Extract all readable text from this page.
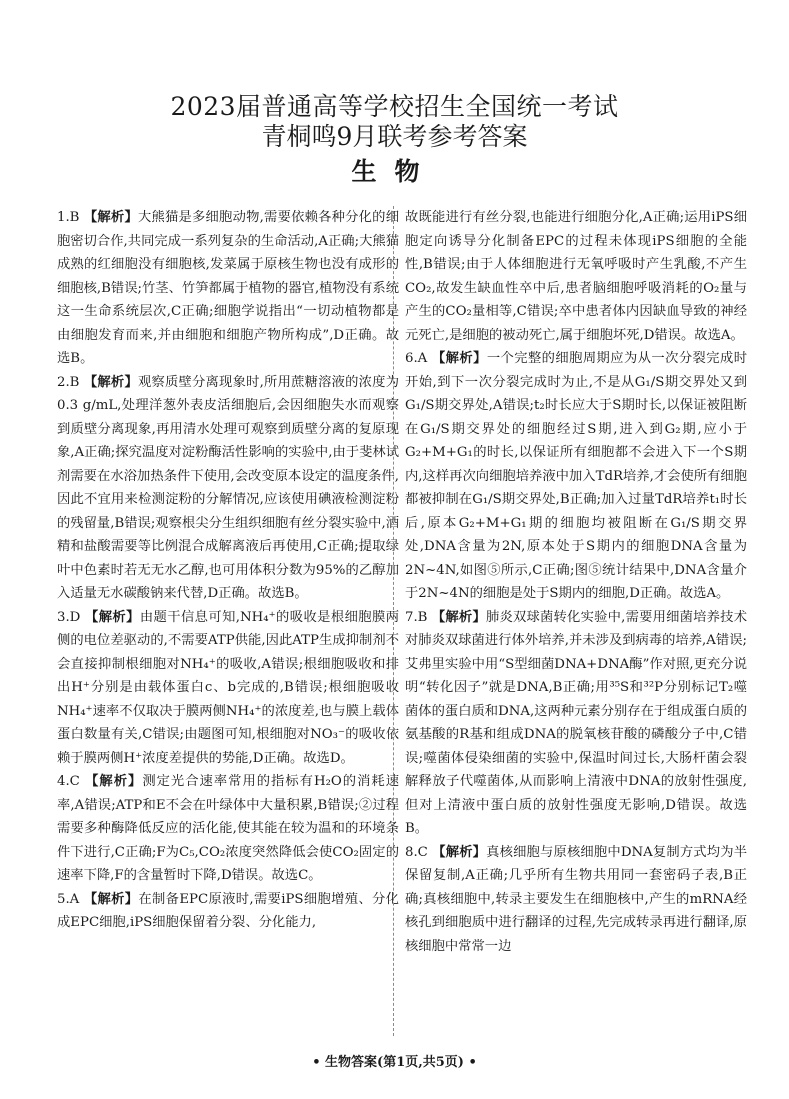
2023届普通高等学校招生全国统一考试
青桐鸣9月联考参考答案
生物

1.B 【解析】大熊猫是多细胞动物,需要依赖各种分化的细胞密切合作,共同完成一系列复杂的生命活动,A正确;大熊猫成熟的红细胞没有细胞核,发菜属于原核生物也没有成形的细胞核,B错误;竹茎、竹笋都属于植物的器官,植物没有系统这一生命系统层次,C正确;细胞学说指出“一切动植物都是由细胞发育而来,并由细胞和细胞产物所构成”,D正确。故选B。

2.B 【解析】观察质壁分离现象时,所用蔗糖溶液的浓度为0.3 g/mL,处理洋葱外表皮活细胞后,会因细胞失水而观察到质壁分离现象,再用清水处理可观察到质壁分离的复原现象,A正确;探究温度对淀粉酶活性影响的实验中,由于斐林试剂需要在水浴加热条件下使用,会改变原本设定的温度条件,因此不宜用来检测淀粉的分解情况,应该使用碘液检测淀粉的残留量,B错误;观察根尖分生组织细胞有丝分裂实验中,酒精和盐酸需要等比例混合成解离液后再使用,C正确;提取绿叶中色素时若无无水乙醇,也可用体积分数为95%的乙醇加入适量无水碳酸钠来代替,D正确。故选B。

3.D 【解析】由题干信息可知,NH₄⁺的吸收是根细胞膜两侧的电位差驱动的,不需要ATP供能,因此ATP生成抑制剂不会直接抑制根细胞对NH₄⁺的吸收,A错误;根细胞吸收和排出H⁺分别是由载体蛋白c、b完成的,B错误;根细胞吸收NH₄⁺速率不仅取决于膜两侧NH₄⁺的浓度差,也与膜上载体蛋白数量有关,C错误;由题图可知,根细胞对NO₃⁻的吸收依赖于膜两侧H⁺浓度差提供的势能,D正确。故选D。

4.C 【解析】测定光合速率常用的指标有H₂O的消耗速率,A错误;ATP和E不会在叶绿体中大量积累,B错误;②过程需要多种酶降低反应的活化能,使其能在较为温和的环境条件下进行,C正确;F为C₅,CO₂浓度突然降低会使CO₂固定的速率下降,F的含量暂时下降,D错误。故选C。

5.A 【解析】在制备EPC原液时,需要iPS细胞增殖、分化成EPC细胞,iPS细胞保留着分裂、分化能力,

故既能进行有丝分裂,也能进行细胞分化,A正确;运用iPS细胞定向诱导分化制备EPC的过程未体现iPS细胞的全能性,B错误;由于人体细胞进行无氧呼吸时产生乳酸,不产生CO₂,故发生缺血性卒中后,患者脑细胞呼吸消耗的O₂量与产生的CO₂量相等,C错误;卒中患者体内因缺血导致的神经元死亡,是细胞的被动死亡,属于细胞坏死,D错误。故选A。

6.A 【解析】一个完整的细胞周期应为从一次分裂完成时开始,到下一次分裂完成时为止,不是从G₁/S期交界处又到G₁/S期交界处,A错误;t₂时长应大于S期时长,以保证被阻断在G₁/S期交界处的细胞经过S期,进入到G₂期,应小于G₂+M+G₁的时长,以保证所有细胞都不会进入下一个S期内,这样再次向细胞培养液中加入TdR培养,才会使所有细胞都被抑制在G₁/S期交界处,B正确;加入过量TdR培养t₁时长后,原本G₂+M+G₁期的细胞均被阻断在G₁/S期交界处,DNA含量为2N,原本处于S期内的细胞DNA含量为2N~4N,如图⑤所示,C正确;图⑤统计结果中,DNA含量介于2N~4N的细胞是处于S期内的细胞,D正确。故选A。

7.B 【解析】肺炎双球菌转化实验中,需要用细菌培养技术对肺炎双球菌进行体外培养,并未涉及到病毒的培养,A错误;艾弗里实验中用“S型细菌DNA+DNA酶”作对照,更充分说明“转化因子”就是DNA,B正确;用³⁵S和³²P分别标记T₂噬菌体的蛋白质和DNA,这两种元素分别存在于组成蛋白质的氨基酸的R基和组成DNA的脱氧核苷酸的磷酸分子中,C错误;噬菌体侵染细菌的实验中,保温时间过长,大肠杆菌会裂解释放子代噬菌体,从而影响上清液中DNA的放射性强度,但对上清液中蛋白质的放射性强度无影响,D错误。故选B。

8.C 【解析】真核细胞与原核细胞中DNA复制方式均为半保留复制,A正确;几乎所有生物共用同一套密码子表,B正确;真核细胞中,转录主要发生在细胞核中,产生的mRNA经核孔到细胞质中进行翻译的过程,先完成转录再进行翻译,原核细胞中常常一边

• 生物答案(第1页,共5页) •
